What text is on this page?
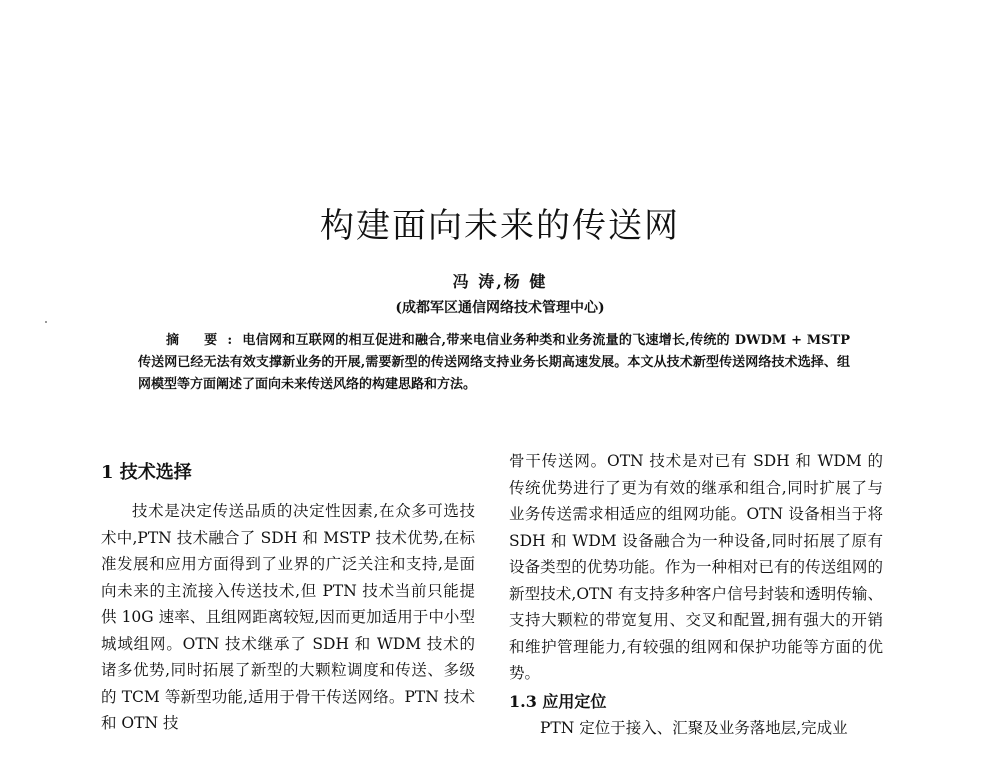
构建面向未来的传送网
冯 涛,杨 健
(成都军区通信网络技术管理中心)

摘 要:电信网和互联网的相互促进和融合,带来电信业务种类和业务流量的飞速增长,传统的 DWDM + MSTP 传送网已经无法有效支撑新业务的开展,需要新型的传送网络支持业务长期高速发展。本文从技术新型传送网络技术选择、组网模型等方面阐述了面向未来传送风络的构建思路和方法。

1 技术选择

技术是决定传送品质的决定性因素,在众多可选技术中,PTN 技术融合了 SDH 和 MSTP 技术优势,在标准发展和应用方面得到了业界的广泛关注和支持,是面向未来的主流接入传送技术,但 PTN 技术当前只能提供 10G 速率、且组网距离较短,因而更加适用于中小型城域组网。OTN 技术继承了 SDH 和 WDM 技术的诸多优势,同时拓展了新型的大颗粒调度和传送、多级的 TCM 等新型功能,适用于骨干传送网络。PTN 技术和 OTN 技

骨干传送网。OTN 技术是对已有 SDH 和 WDM 的传统优势进行了更为有效的继承和组合,同时扩展了与业务传送需求相适应的组网功能。OTN 设备相当于将 SDH 和 WDM 设备融合为一种设备,同时拓展了原有设备类型的优势功能。作为一种相对已有的传送组网的新型技术,OTN 有支持多种客户信号封装和透明传输、支持大颗粒的带宽复用、交叉和配置,拥有强大的开销和维护管理能力,有较强的组网和保护功能等方面的优势。

1.3 应用定位

PTN 定位于接入、汇聚及业务落地层,完成业
